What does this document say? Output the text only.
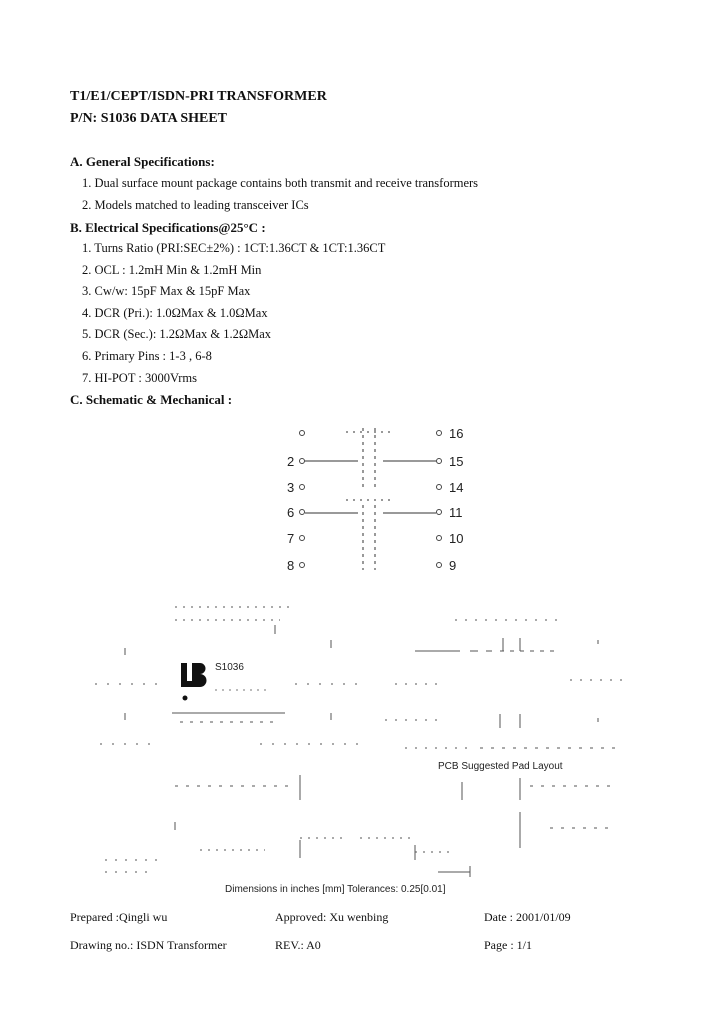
T1/E1/CEPT/ISDN-PRI TRANSFORMER
P/N: S1036 DATA SHEET
A. General Specifications:
1. Dual surface mount package contains both transmit and receive transformers
2. Models matched to leading transceiver ICs
B. Electrical Specifications@25°C :
1. Turns Ratio (PRI:SEC±2%) : 1CT:1.36CT & 1CT:1.36CT
2. OCL : 1.2mH Min & 1.2mH Min
3. Cw/w: 15pF Max & 15pF Max
4. DCR (Pri.): 1.0ΩMax & 1.0ΩMax
5. DCR (Sec.): 1.2ΩMax & 1.2ΩMax
6. Primary Pins : 1-3 , 6-8
7. HI-POT : 3000Vrms
C. Schematic & Mechanical :
2
3
6
7
8
16
15
14
11
10
9
S1036
PCB Suggested Pad Layout
Dimensions in inches [mm] Tolerances: 0.25[0.01]
Prepared :Qingli wu	Approved: Xu wenbing	Date : 2001/01/09
Drawing no.: ISDN Transformer	REV.: A0	Page : 1/1
